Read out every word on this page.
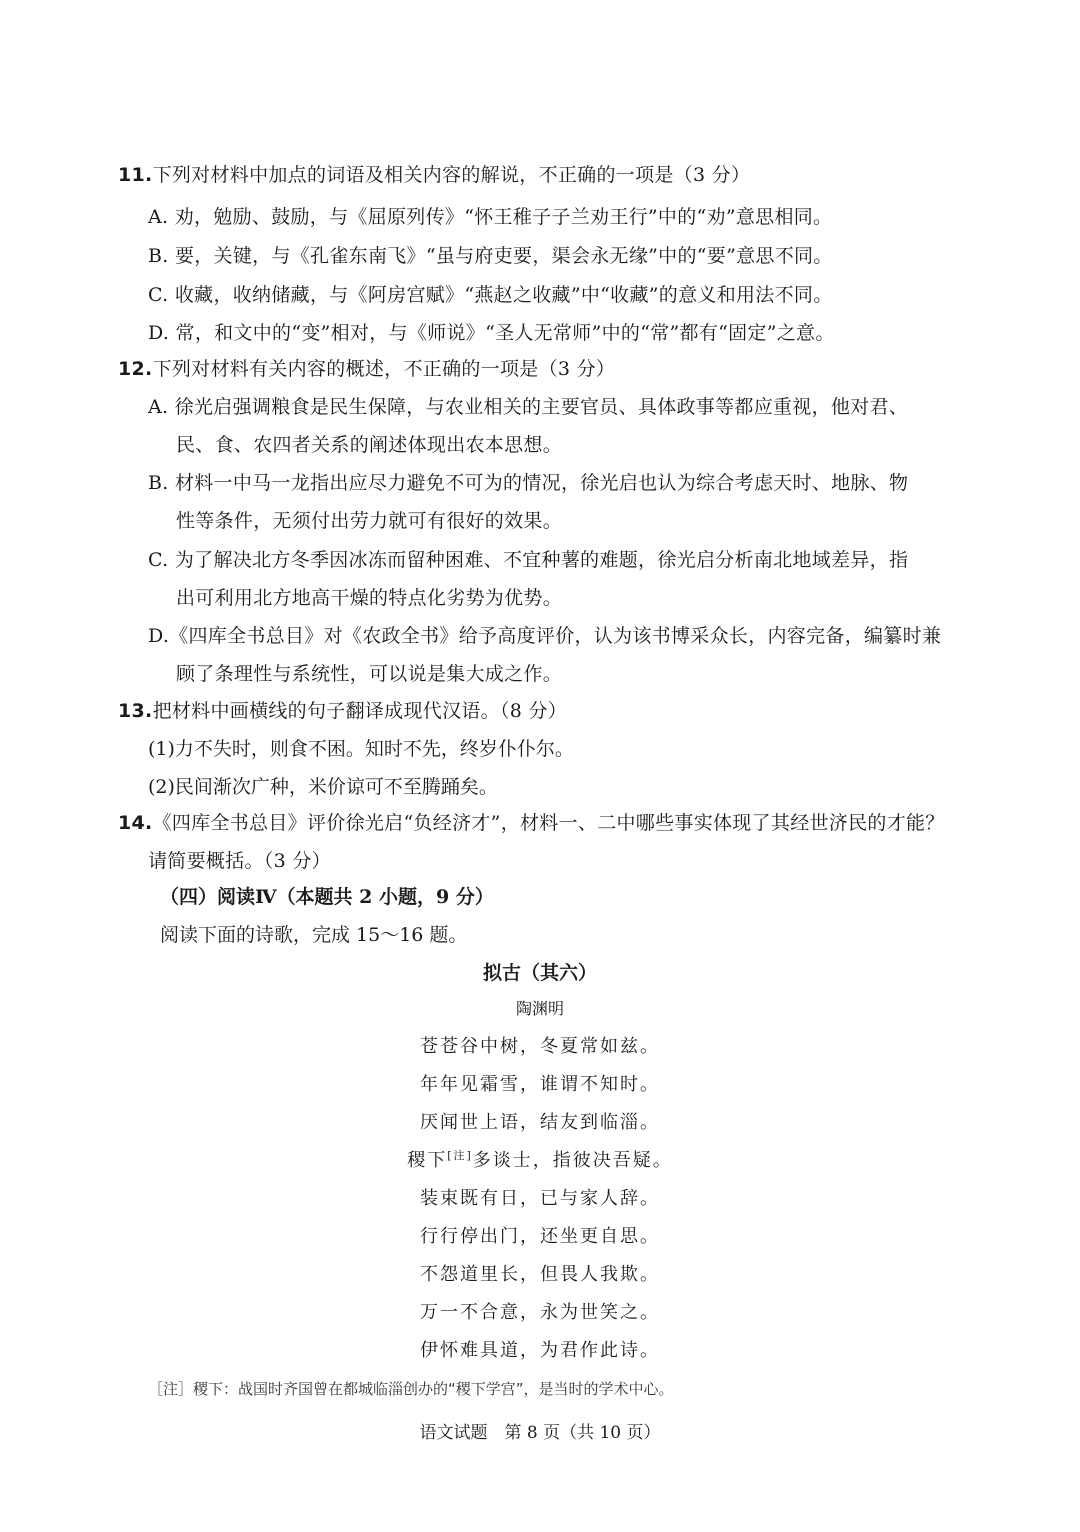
11.下列对材料中加点的词语及相关内容的解说，不正确的一项是（3 分）
A. 劝，勉励、鼓励，与《屈原列传》“怀王稚子子兰劝王行”中的“劝”意思相同。
B. 要，关键，与《孔雀东南飞》“虽与府吏要，渠会永无缘”中的“要”意思不同。
C. 收藏，收纳储藏，与《阿房宫赋》“燕赵之收藏”中“收藏”的意义和用法不同。
D. 常，和文中的“变”相对，与《师说》“圣人无常师”中的“常”都有“固定”之意。
12.下列对材料有关内容的概述，不正确的一项是（3 分）
A. 徐光启强调粮食是民生保障，与农业相关的主要官员、具体政事等都应重视，他对君、
民、食、农四者关系的阐述体现出农本思想。
B. 材料一中马一龙指出应尽力避免不可为的情况，徐光启也认为综合考虑天时、地脉、物
性等条件，无须付出劳力就可有很好的效果。
C. 为了解决北方冬季因冰冻而留种困难、不宜种薯的难题，徐光启分析南北地域差异，指
出可利用北方地高干燥的特点化劣势为优势。
D.《四库全书总目》对《农政全书》给予高度评价，认为该书博采众长，内容完备，编纂时兼
顾了条理性与系统性，可以说是集大成之作。
13.把材料中画横线的句子翻译成现代汉语。（8 分）
(1)力不失时，则食不困。知时不先，终岁仆仆尔。
(2)民间渐次广种，米价谅可不至腾踊矣。
14.《四库全书总目》评价徐光启“负经济才”，材料一、二中哪些事实体现了其经世济民的才能？
请简要概括。（3 分）
（四）阅读Ⅳ（本题共 2 小题，9 分）
阅读下面的诗歌，完成 15～16 题。
拟古（其六）
陶渊明
苍苍谷中树，冬夏常如兹。
年年见霜雪，谁谓不知时。
厌闻世上语，结友到临淄。
稷下[注]多谈士，指彼决吾疑。
装束既有日，已与家人辞。
行行停出门，还坐更自思。
不怨道里长，但畏人我欺。
万一不合意，永为世笑之。
伊怀难具道，为君作此诗。
［注］稷下：战国时齐国曾在都城临淄创办的“稷下学宫”，是当时的学术中心。
语文试题　第 8 页（共 10 页）
